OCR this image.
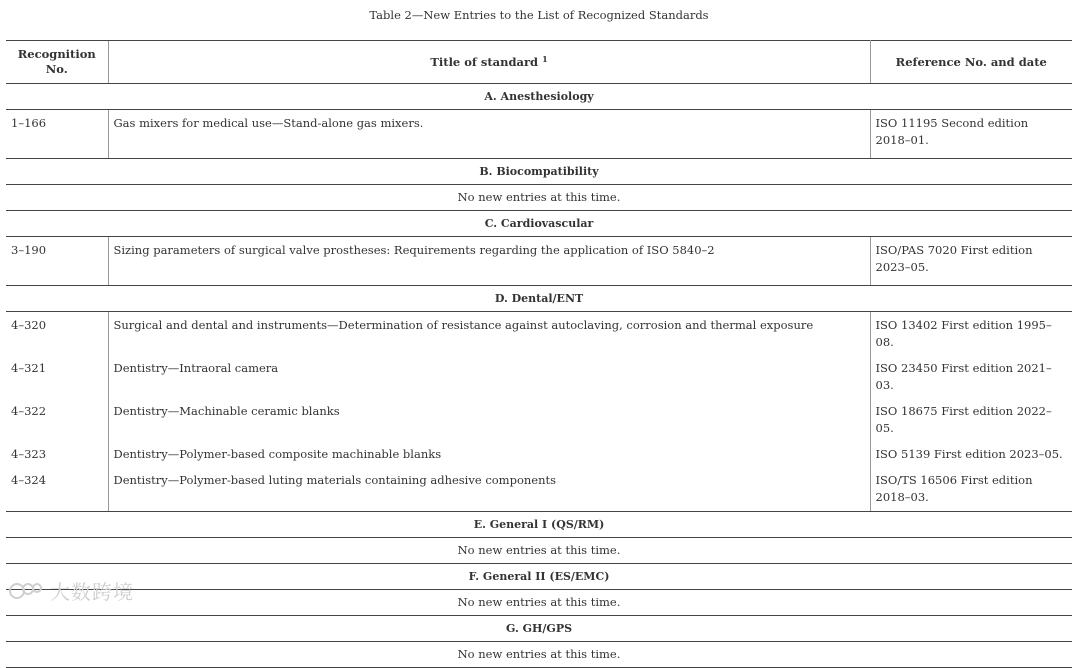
Table 2—New Entries to the List of Recognized Standards
Recognition
No.	Title of standard $^1$	Reference No. and date
A. Anesthesiology		
1–166	Gas mixers for medical use—Stand-alone gas mixers.	ISO 11195 Second edition 2018–01.
B. Biocompatibility		
No new entries at this time.		
C. Cardiovascular		
3–190	Sizing parameters of surgical valve prostheses: Requirements regarding the application of ISO 5840–2	ISO/PAS 7020 First edition 2023–05.
D. Dental/ENT		
4–320	Surgical and dental and instruments—Determination of resistance against autoclaving, corrosion and thermal exposure	ISO 13402 First edition 1995–08.
4–321	Dentistry—Intraoral camera	ISO 23450 First edition 2021–03.
4–322	Dentistry—Machinable ceramic blanks	ISO 18675 First edition 2022–05.
4–323	Dentistry—Polymer-based composite machinable blanks	ISO 5139 First edition 2023–05.
4–324	Dentistry—Polymer-based luting materials containing adhesive components	ISO/TS 16506 First edition 2018–03.
E. General I (QS/RM)		
No new entries at this time.		
F. General II (ES/EMC)		
No new entries at this time.		
G. GH/GPS		
No new entries at this time.		
大数跨境
